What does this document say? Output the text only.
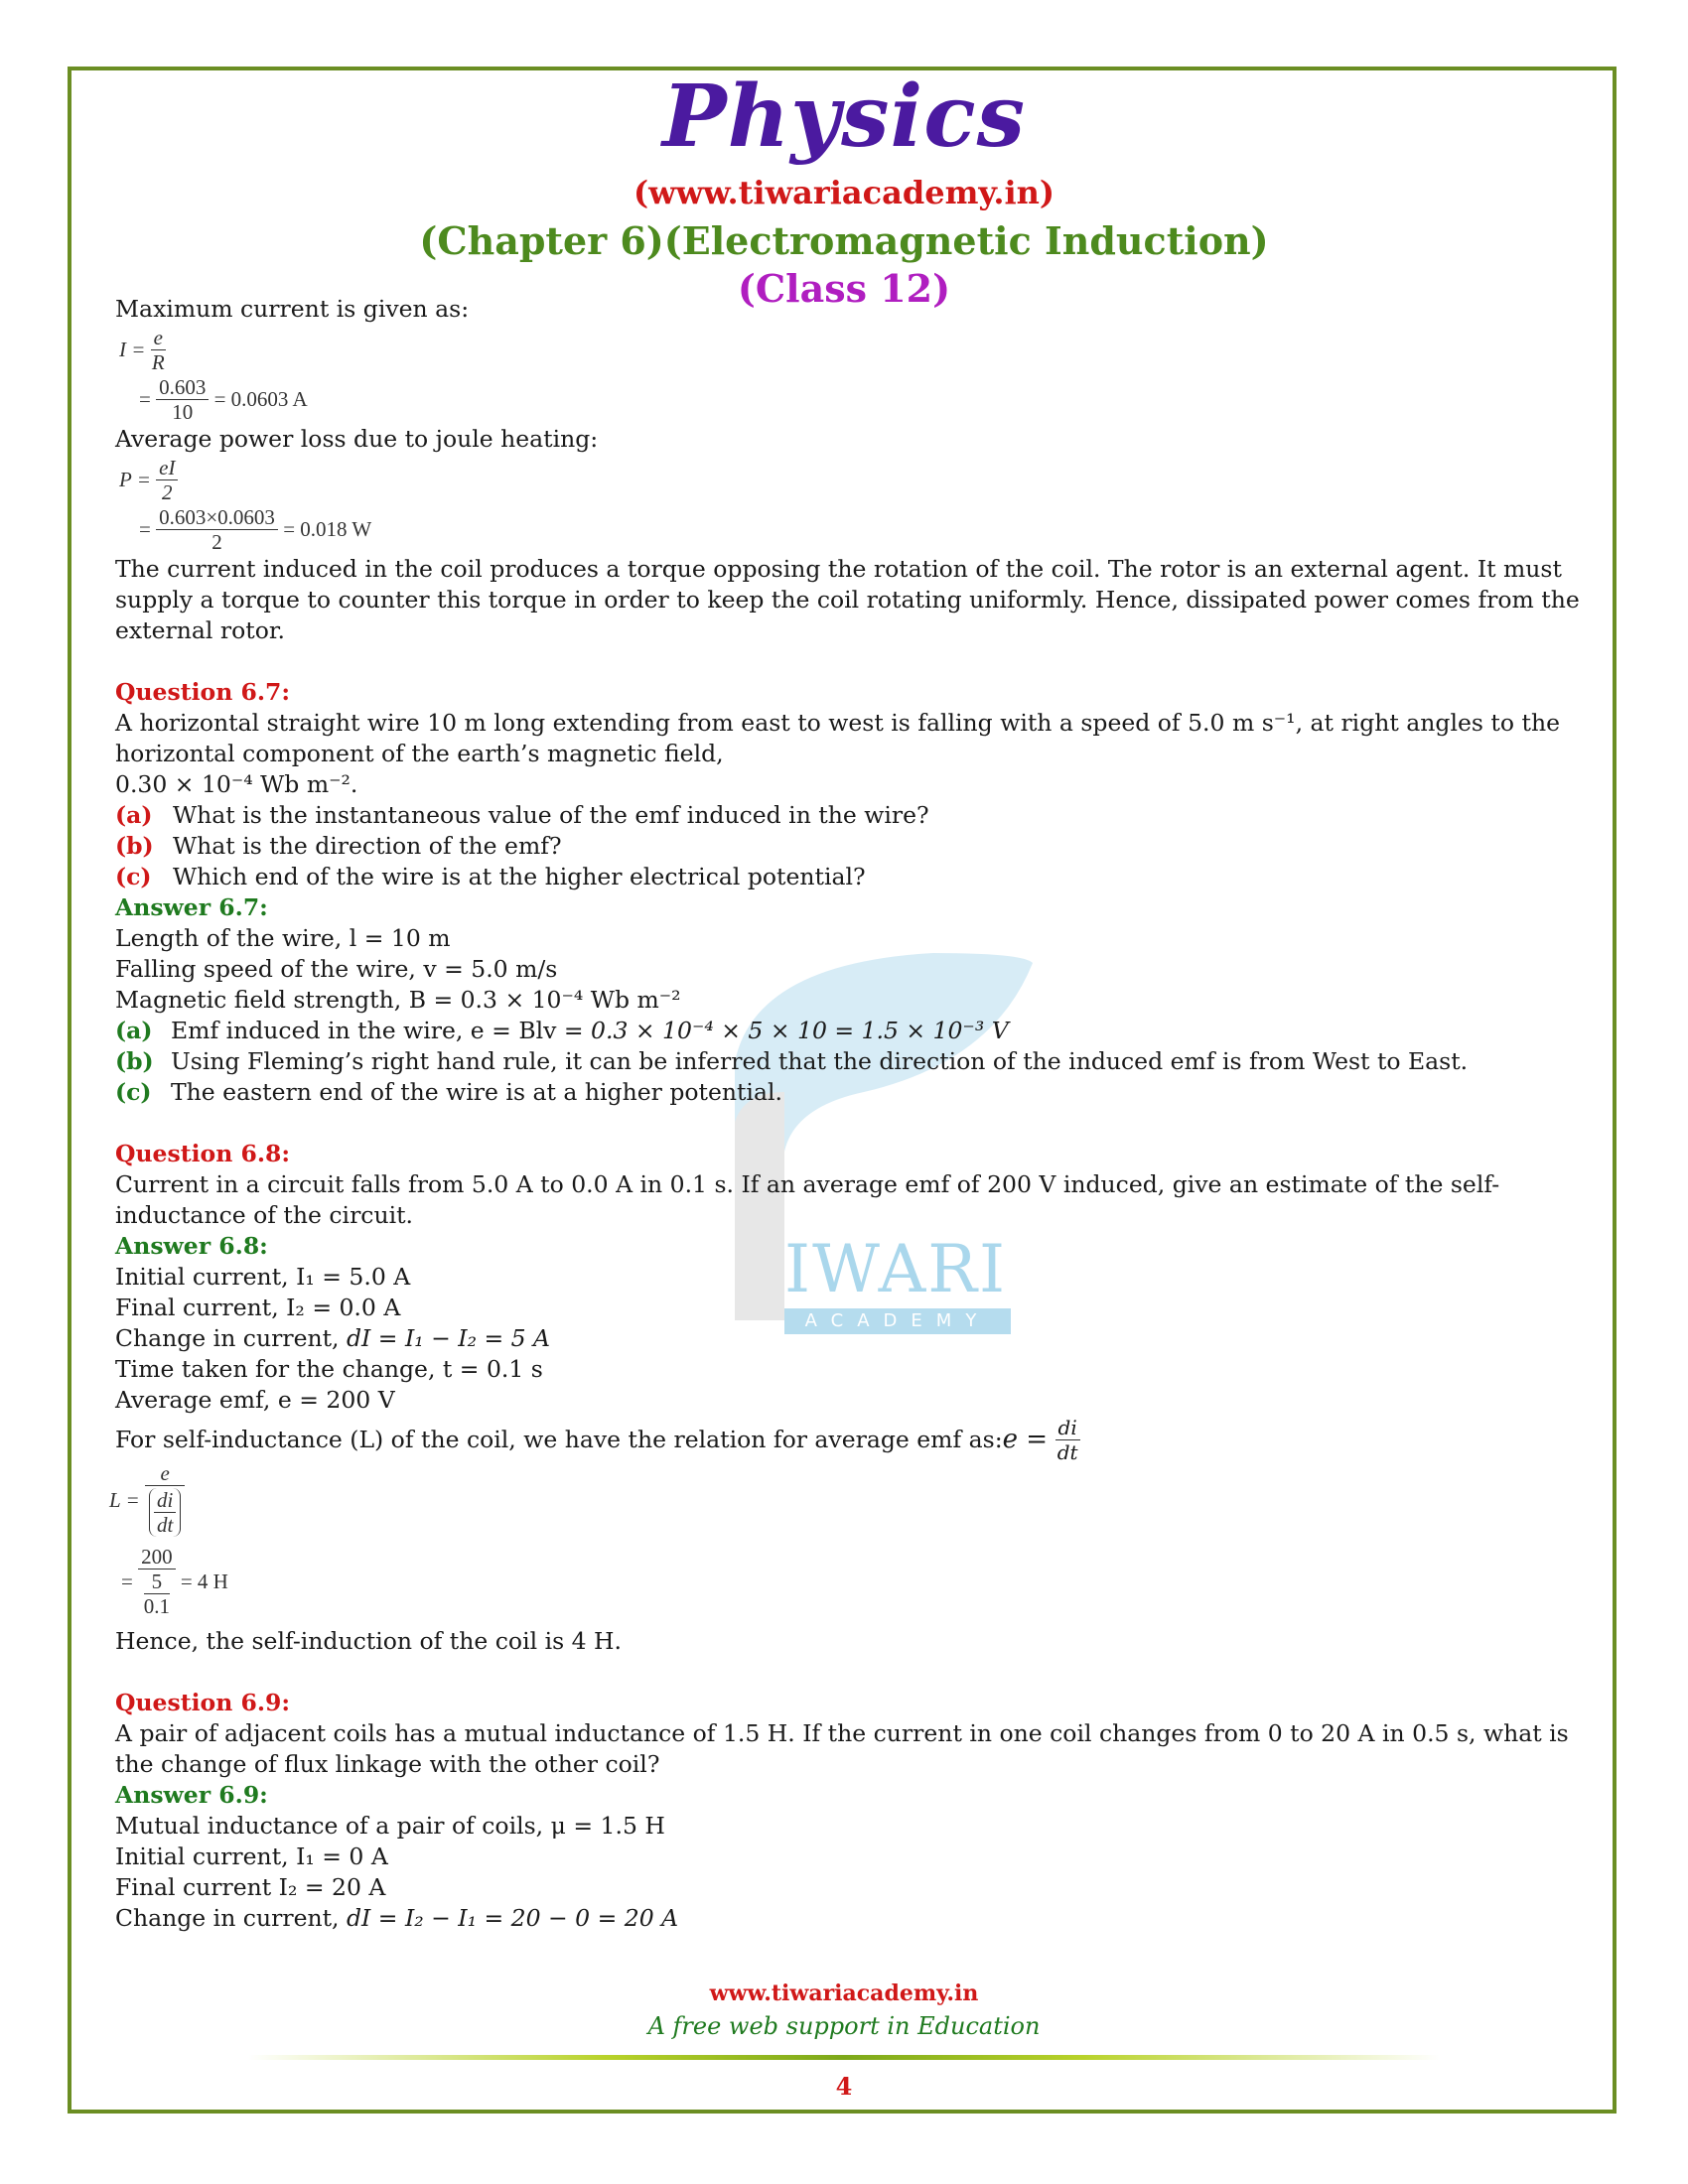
Physics
(www.tiwariacademy.in)
(Chapter 6)(Electromagnetic Induction)
(Class 12)
IWARI
ACADEMY

Maximum current is given as:

I =
$\frac{e}{R}$
= $\frac{0.603}{10}$
= 0.0603 A

Average power loss due to joule heating:

P =
$\frac{eI}{2}$
= $\frac{0.603\times 0.0603}{2}$
= 0.018 W

The current induced in the coil produces a torque opposing the rotation of the coil. The rotor is an external agent. It must supply a torque to counter this torque in order to keep the coil rotating uniformly. Hence, dissipated power comes from the external rotor.

Question 6.7:

A horizontal straight wire 10 m long extending from east to west is falling with a speed of 5.0 m s⁻¹, at right angles to the horizontal component of the earth’s magnetic field,

0.30 × 10⁻⁴ Wb m⁻².

(a) What is the instantaneous value of the emf induced in the wire?
(b) What is the direction of the emf?
(c) Which end of the wire is at the higher electrical potential?

Answer 6.7:

Length of the wire, l = 10 m

Falling speed of the wire, v = 5.0 m/s

Magnetic field strength, B = 0.3 × 10⁻⁴ Wb m⁻²

(a) Emf induced in the wire, e = Blv = 0.3 × 10⁻⁴ × 5 × 10 = 1.5 × 10⁻³ V
(b) Using Fleming’s right hand rule, it can be inferred that the direction of the induced emf is from West to East.
(c) The eastern end of the wire is at a higher potential.

Question 6.8:

Current in a circuit falls from 5.0 A to 0.0 A in 0.1 s. If an average emf of 200 V induced, give an estimate of the self-inductance of the circuit.

Answer 6.8:

Initial current, I₁ = 5.0 A

Final current, I₂ = 0.0 A

Change in current, dI = I₁ − I₂ = 5 A

Time taken for the change, t = 0.1 s

Average emf, e = 200 V

For self-inductance (L) of the coil, we have the relation for average emf as: e =
$\frac{di}{dt}$

L =
$\frac{e}{\frac{di}{dt}}$
= $\frac{200}{\frac{5}{0.1}}$
= 4 H

Hence, the self-induction of the coil is 4 H.

Question 6.9:

A pair of adjacent coils has a mutual inductance of 1.5 H. If the current in one coil changes from 0 to 20 A in 0.5 s, what is the change of flux linkage with the other coil?

Answer 6.9:

Mutual inductance of a pair of coils, μ = 1.5 H

Initial current, I₁ = 0 A

Final current I₂ = 20 A

Change in current, dI = I₂ − I₁ = 20 − 0 = 20 A

www.tiwariacademy.in
A free web support in Education
4
